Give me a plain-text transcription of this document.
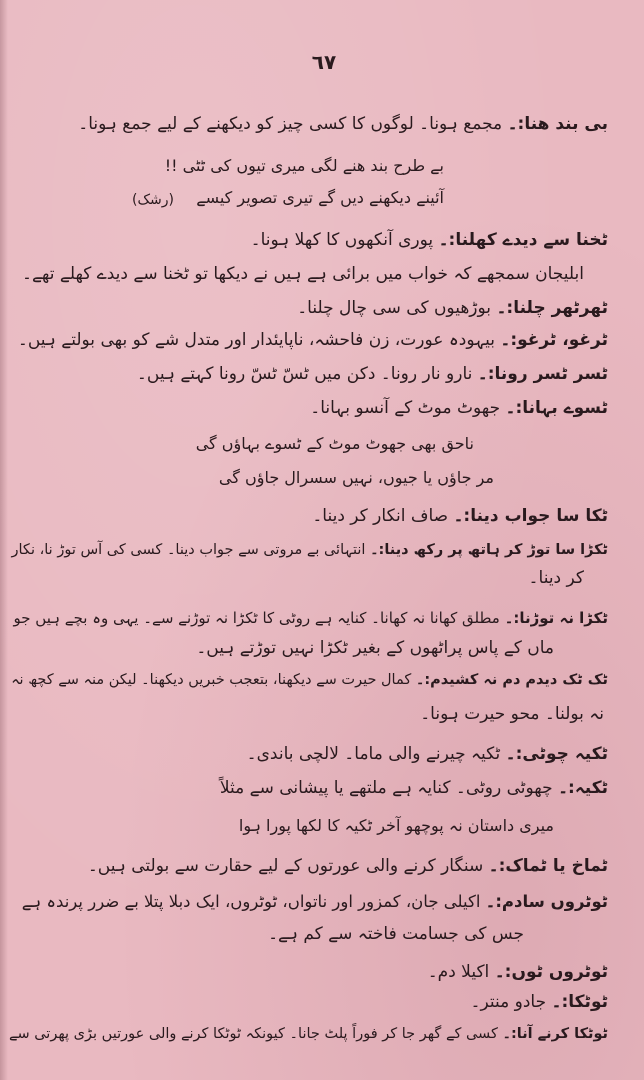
٦٧
بی بند ھنا:۔ مجمع ہونا۔ لوگوں کا کسی چیز کو دیکھنے کے لیے جمع ہونا۔
بے طرح بند ھنے لگی میری تیوں کی ٹٹی !!
آئینے دیکھنے دیں گے تیری تصویر کیسے
(رشک)
ٹخنا سے دیدے کھلنا:۔ پوری آنکھوں کا کھلا ہونا۔
ابلیجان سمجھے کہ خواب میں برائی ہے ہیں نے دیکھا تو ٹخنا سے دیدے کھلے تھے۔
ٹھرٹھر چلنا:۔ بوڑھیوں کی سی چال چلنا۔
ٹرغو، ٹرغو:۔ بیہودہ عورت، زن فاحشہ، ناپایئدار اور متدل شے کو بھی بولتے ہیں۔
ٹسر ٹسر رونا:۔ نارو نار رونا۔ دکن میں ٹسّ ٹسّ رونا کہتے ہیں۔
ٹسوے بہانا:۔ جھوٹ موٹ کے آنسو بہانا۔
ناحق بھی جھوٹ موٹ کے ٹسوے بہاؤں گی
مر جاؤں یا جیوں، نہیں سسرال جاؤں گی
ٹکا سا جواب دینا:۔ صاف انکار کر دینا۔
ٹکڑا سا توڑ کر ہاتھ پر رکھ دینا:۔ انتہائی بے مروتی سے جواب دینا۔ کسی کی آس توڑ نا، نکار
کر دینا۔
ٹکڑا نہ توڑنا:۔ مطلق کھانا نہ کھانا۔ کنایہ ہے روٹی کا ٹکڑا نہ توڑنے سے۔ یہی وہ بچے ہیں جو
ماں کے پاس پراٹھوں کے بغیر ٹکڑا نہیں توڑتے ہیں۔
ٹک ٹک دیدم دم نہ کشیدم:۔ کمال حیرت سے دیکھنا، بتعجب خبریں دیکھنا۔ لیکن منہ سے کچھ نہ
نہ بولنا۔ محو حیرت ہونا۔
ٹکیہ چوٹی:۔ ٹکیہ چیرنے والی ماما۔ لالچی باندی۔
ٹکیہ:۔ چھوٹی روٹی۔ کنایہ ہے ملتھے یا پیشانی سے مثلاً
میری داستان نہ پوچھو آخر ٹکیہ کا لکھا پورا ہوا
ٹماخ یا ٹماک:۔ سنگار کرنے والی عورتوں کے لیے حقارت سے بولتی ہیں۔
ٹوٹروں سادم:۔ اکیلی جان، کمزور اور ناتواں، ٹوٹروں، ایک دبلا پتلا بے ضرر پرندہ ہے
جس کی جسامت فاختہ سے کم ہے۔
ٹوٹروں ٹوں:۔ اکیلا دم۔
ٹوٹکا:۔ جادو منتر۔
ٹوٹکا کرنے آنا:۔ کسی کے گھر جا کر فوراً پلٹ جانا۔ کیونکہ ٹوٹکا کرنے والی عورتیں بڑی پھرتی سے
